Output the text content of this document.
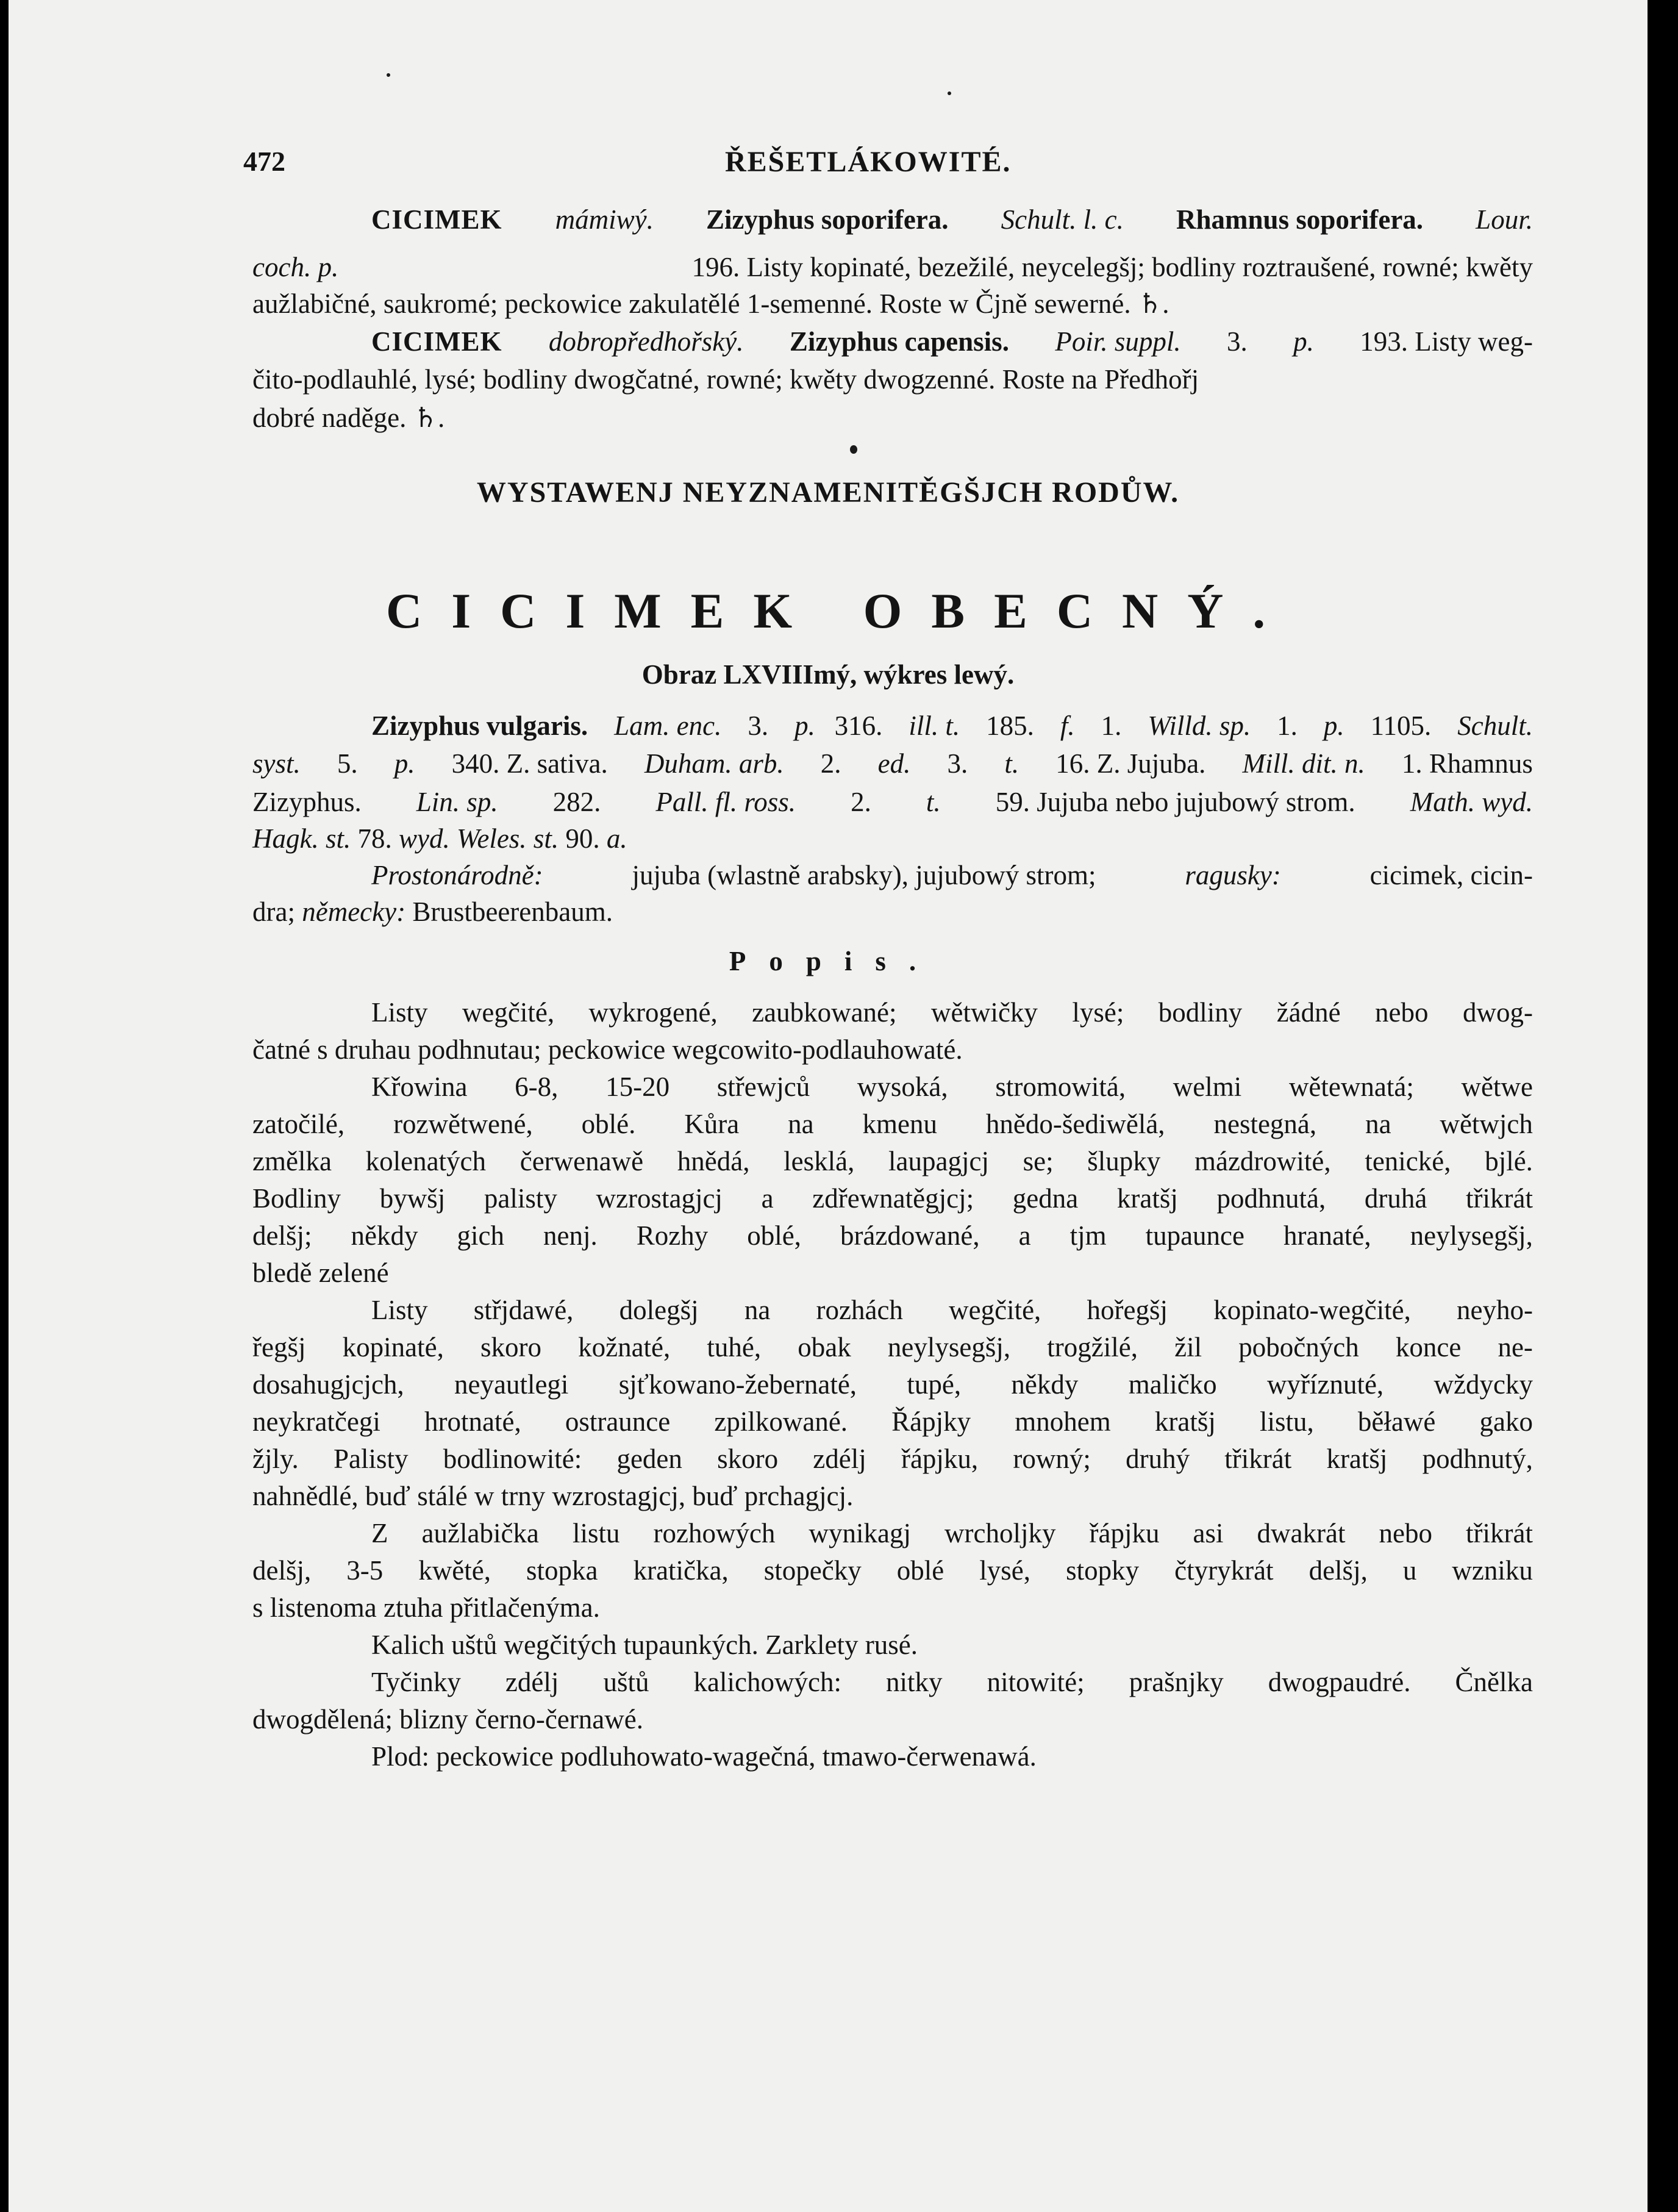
472	ŘEŠETLÁKOWITÉ.
CICIMEK mámiwý. Zizyphus soporifera. Schult. l. c. Rhamnus soporifera. Lour.
coch. p.	196. Listy kopinaté, bezežilé, neycelegšj; bodliny roztraušené, rowné; kwěty
aužlabičné, saukromé; peckowice zakulatělé 1-semenné. Roste w Čjně sewerné. ♄.
CICIMEK dobropředhořský. Zizyphus capensis. Poir. suppl. 3. p. 193. Listy weg-
čito-podlauhlé, lysé; bodliny dwogčatné, rowné; kwěty dwogzenné. Roste na Předhořj
dobré naděge. ♄.
WYSTAWENJ NEYZNAMENITĚGŠJCH RODŮW.
CICIMEK OBECNÝ.
Obraz LXVIIImý, wýkres lewý.
Zizyphus vulgaris. Lam. enc. 3. p. 316. ill. t. 185. f. 1. Willd. sp. 1. p. 1105. Schult.
syst. 5. p. 340. Z. sativa. Duham. arb. 2. ed. 3. t. 16. Z. Jujuba. Mill. dit. n. 1. Rhamnus
Zizyphus. Lin. sp. 282. Pall. fl. ross. 2. t. 59. Jujuba nebo jujubowý strom. Math. wyd.
Hagk. st. 78. wyd. Weles. st. 90. a.
Prostonárodně:	jujuba (wlastně arabsky), jujubowý strom;	ragusky:	cicimek, cicin-
dra; německy: Brustbeerenbaum.
Popis.
Listy wegčité, wykrogené, zaubkowané; wětwičky lysé; bodliny žádné nebo dwog-
čatné s druhau podhnutau; peckowice wegcowito-podlauhowaté.
Křowina 6-8, 15-20 střewjců wysoká, stromowitá, welmi wětewnatá; wětwe
zatočilé, rozwětwené, oblé. Kůra na kmenu hnědo-šediwělá, nestegná, na wětwjch
změlka kolenatých čerwenawě hnědá, lesklá, laupagjcj se; šlupky mázdrowité, tenické, bjlé.
Bodliny bywšj palisty wzrostagjcj a zdřewnatěgjcj; gedna kratšj podhnutá, druhá třikrát
delšj; někdy gich nenj. Rozhy oblé, brázdowané, a tjm tupaunce hranaté, neylysegšj,
bledě zelené
Listy střjdawé, dolegšj na rozhách wegčité, hořegšj kopinato-wegčité, neyho-
řegšj kopinaté, skoro kožnaté, tuhé, obak neylysegšj, trogžilé, žil pobočných konce ne-
dosahugjcjch, neyautlegi sjťkowano-žebernaté, tupé, někdy maličko wyříznuté, wždycky
neykratčegi hrotnaté, ostraunce zpilkowané. Řápjky mnohem kratšj listu, běławé gako
žjly. Palisty bodlinowité: geden skoro zdélj řápjku, rowný; druhý třikrát kratšj podhnutý,
nahnědlé, buď stálé w trny wzrostagjcj, buď prchagjcj.
Z aužlabička listu rozhowých wynikagj wrcholjky řápjku asi dwakrát nebo třikrát
delšj, 3-5 kwěté, stopka kratička, stopečky oblé lysé, stopky čtyrykrát delšj, u wzniku
s listenoma ztuha přitlačenýma.
Kalich uštů wegčitých tupaunkých. Zarklety rusé.
Tyčinky zdélj uštů kalichowých: nitky nitowité; prašnjky dwogpaudré. Čnělka
dwogdělená; blizny černo-černawé.
Plod: peckowice podluhowato-wagečná, tmawo-čerwenawá.
